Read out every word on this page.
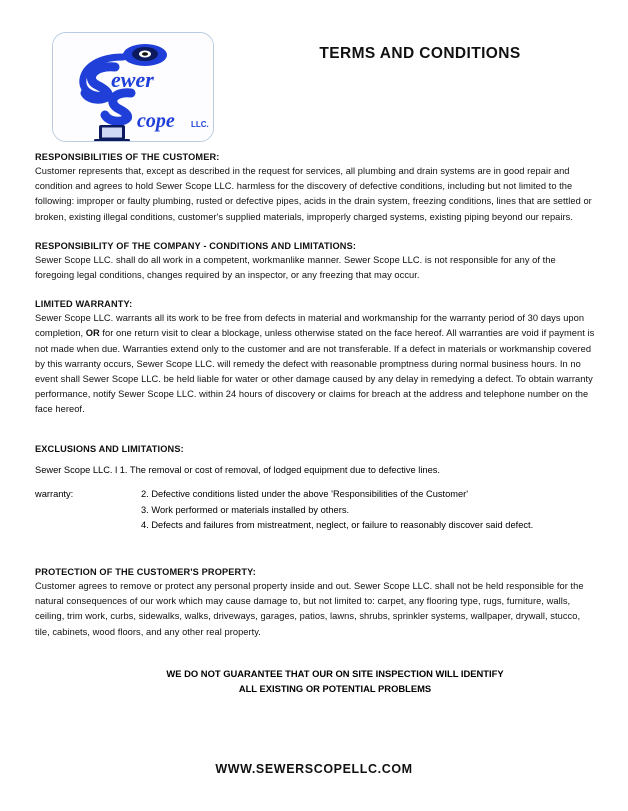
ewer
cope LLC.
TERMS AND CONDITIONS

RESPONSIBILITIES OF THE CUSTOMER:

Customer represents that, except as described in the request for services, all plumbing and drain systems are in good repair and condition and agrees to hold Sewer Scope LLC. harmless for the discovery of defective conditions, including but not limited to the following: improper or faulty plumbing, rusted or defective pipes, acids in the drain system, freezing conditions, lines that are settled or broken, existing illegal conditions, customer's supplied materials, improperly charged systems, existing piping beyond our repairs.

RESPONSIBILITY OF THE COMPANY - CONDITIONS AND LIMITATIONS:

Sewer Scope LLC. shall do all work in a competent, workmanlike manner. Sewer Scope LLC. is not responsible for any of the foregoing legal conditions, changes required by an inspector, or any freezing that may occur.

LIMITED WARRANTY:

Sewer Scope LLC. warrants all its work to be free from defects in material and workmanship for the warranty period of 30 days upon completion, OR for one return visit to clear a blockage, unless otherwise stated on the face hereof. All warranties are void if payment is not made when due. Warranties extend only to the customer and are not transferable. If a defect in materials or workmanship covered by this warranty occurs, Sewer Scope LLC. will remedy the defect with reasonable promptness during normal business hours. In no event shall Sewer Scope LLC. be held liable for water or other damage caused by any delay in remedying a defect. To obtain warranty performance, notify Sewer Scope LLC. within 24 hours of discovery or claims for breach at the address and telephone number on the face hereof.

EXCLUSIONS AND LIMITATIONS:

Sewer Scope LLC. l 1. The removal or cost of removal, of lodged equipment due to defective lines.

warranty:	2. Defective conditions listed under the above 'Responsibilities of the Customer'
3. Work performed or materials installed by others.
4. Defects and failures from mistreatment, neglect, or failure to reasonably discover said defect.

PROTECTION OF THE CUSTOMER'S PROPERTY:

Customer agrees to remove or protect any personal property inside and out. Sewer Scope LLC. shall not be held responsible for the natural consequences of our work which may cause damage to, but not limited to: carpet, any flooring type, rugs, furniture, walls, ceiling, trim work, curbs, sidewalks, walks, driveways, garages, patios, lawns, shrubs, sprinkler systems, wallpaper, drywall, stucco, tile, cabinets, wood floors, and any other real property.

WE DO NOT GUARANTEE THAT OUR ON SITE INSPECTION WILL IDENTIFY
ALL EXISTING OR POTENTIAL PROBLEMS
WWW.SEWERSCOPELLC.COM
